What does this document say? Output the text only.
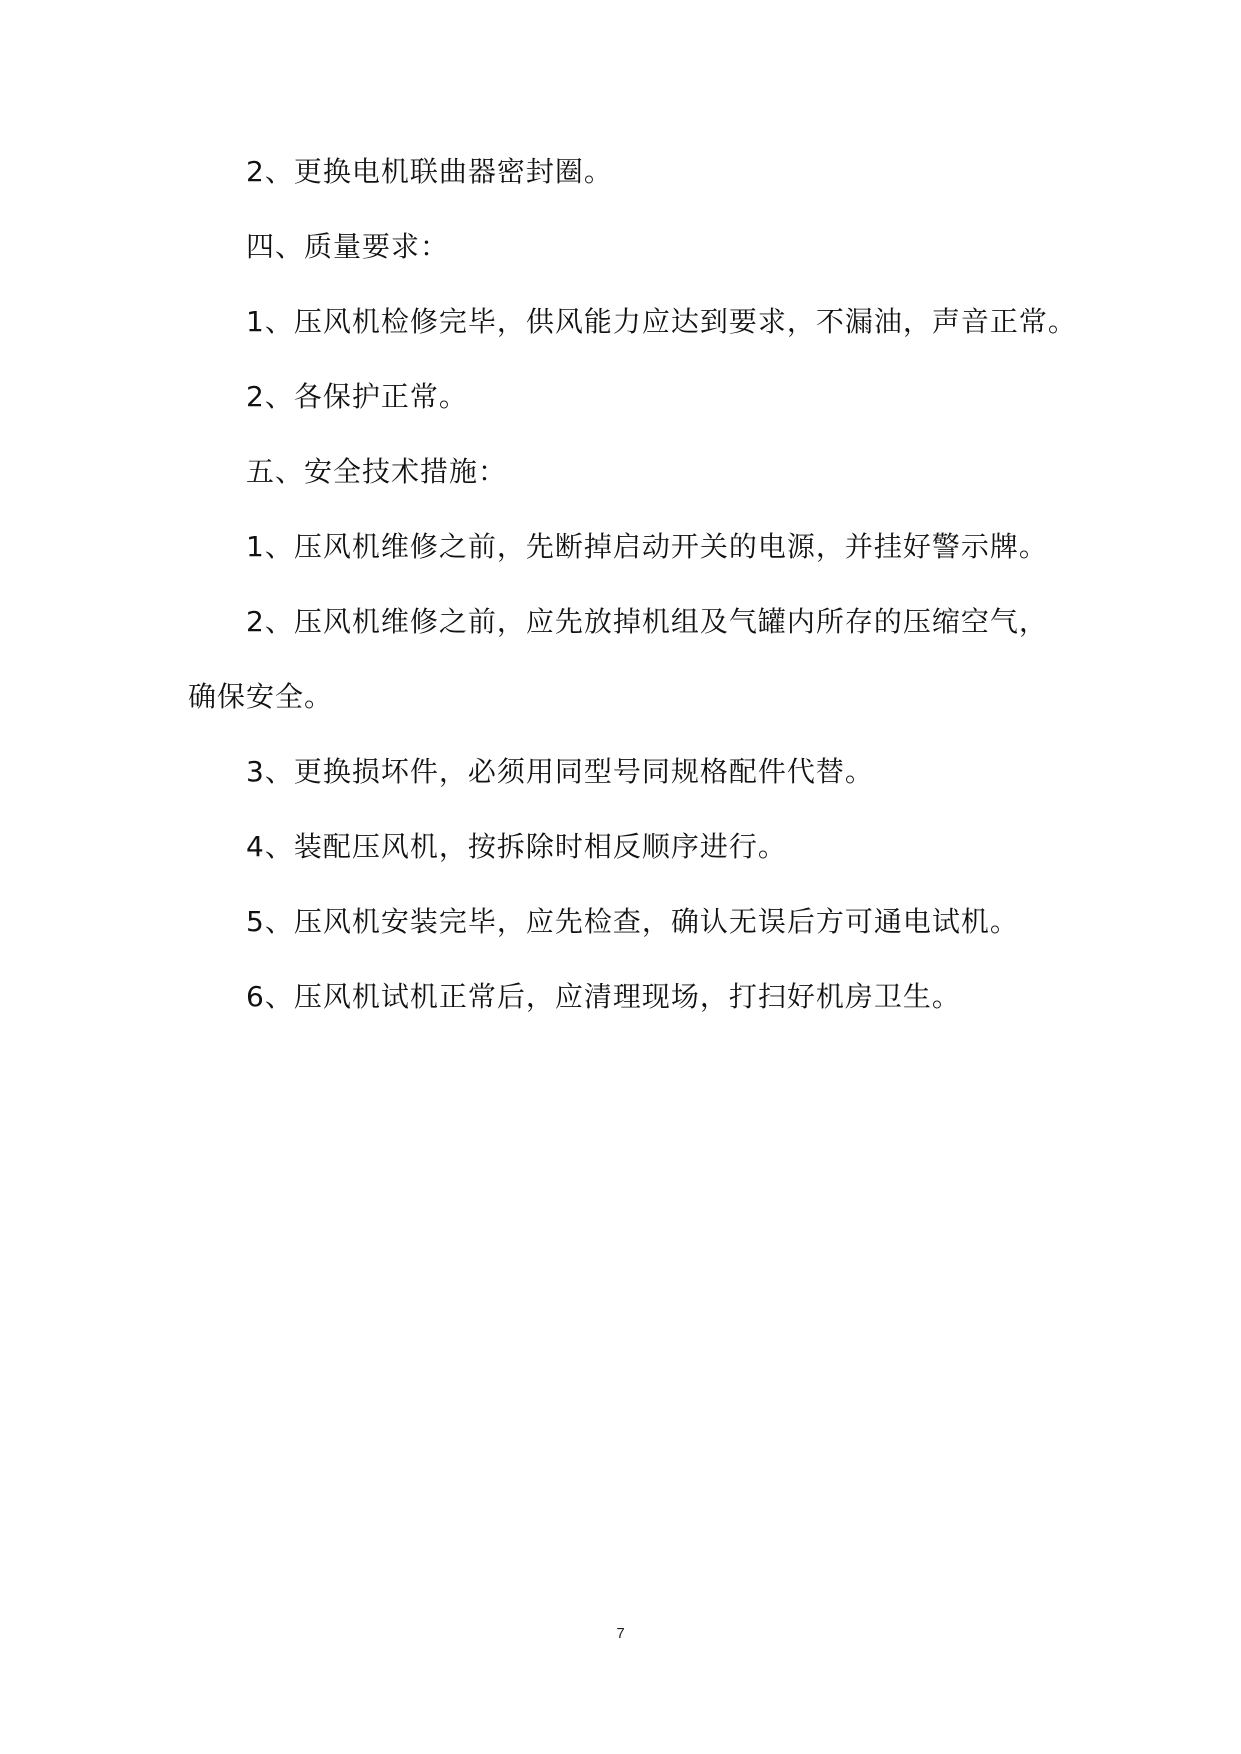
2、更换电机联曲器密封圈。
四、质量要求：
1、压风机检修完毕，供风能力应达到要求，不漏油，声音正常。
2、各保护正常。
五、安全技术措施：
1、压风机维修之前，先断掉启动开关的电源，并挂好警示牌。
2、压风机维修之前，应先放掉机组及气罐内所存的压缩空气，
确保安全。
3、更换损坏件，必须用同型号同规格配件代替。
4、装配压风机，按拆除时相反顺序进行。
5、压风机安装完毕，应先检查，确认无误后方可通电试机。
6、压风机试机正常后，应清理现场，打扫好机房卫生。
7
